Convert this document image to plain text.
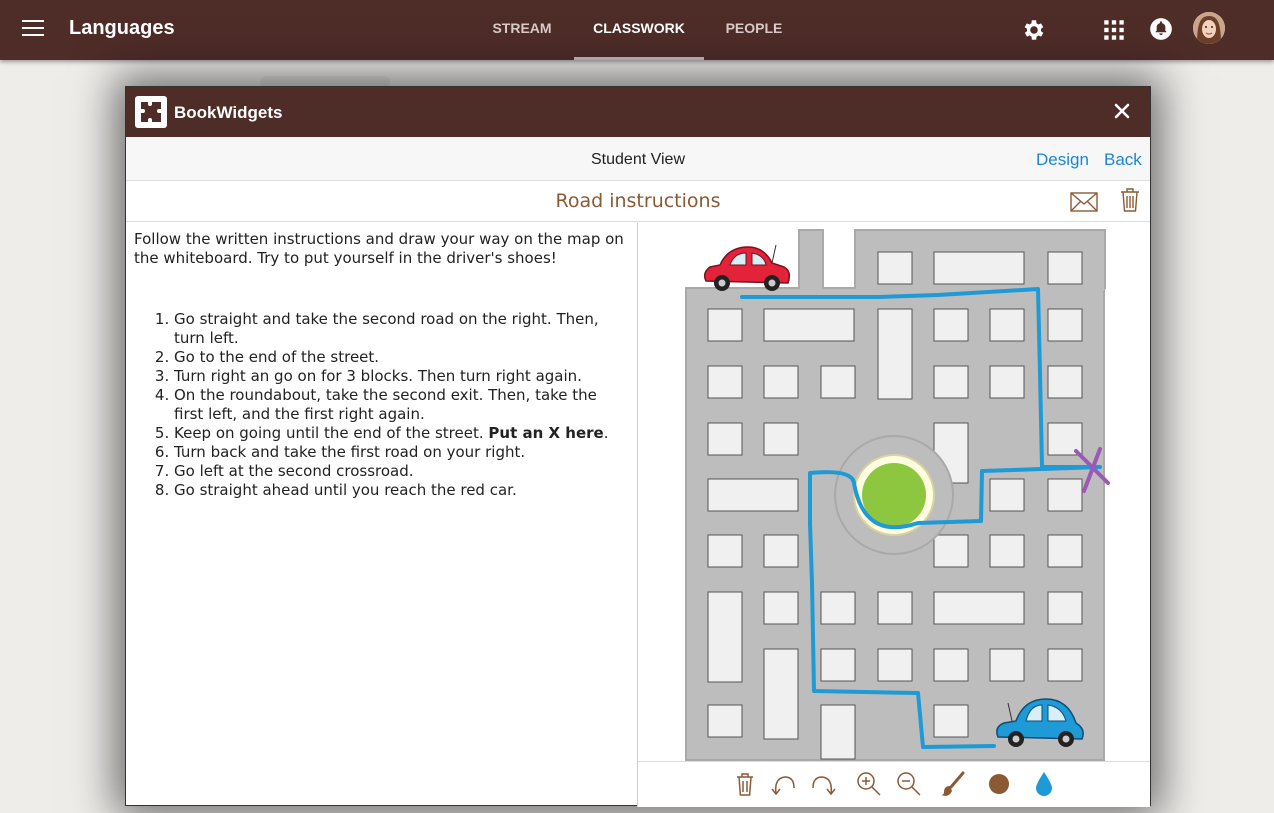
Languages	STREAM	CLASSWORK	PEOPLE
BookWidgets
Student View	Design Back
Road instructions

Follow the written instructions and draw your way on the map on the whiteboard. Try to put yourself in the driver's shoes!

1. Go straight and take the second road on the right. Then, turn left.
2. Go to the end of the street.
3. Turn right an go on for 3 blocks. Then turn right again.
4. On the roundabout, take the second exit. Then, take the first left, and the first right again.
5. Keep on going until the end of the street. Put an X here.
6. Turn back and take the first road on your right.
7. Go left at the second crossroad.
8. Go straight ahead until you reach the red car.
